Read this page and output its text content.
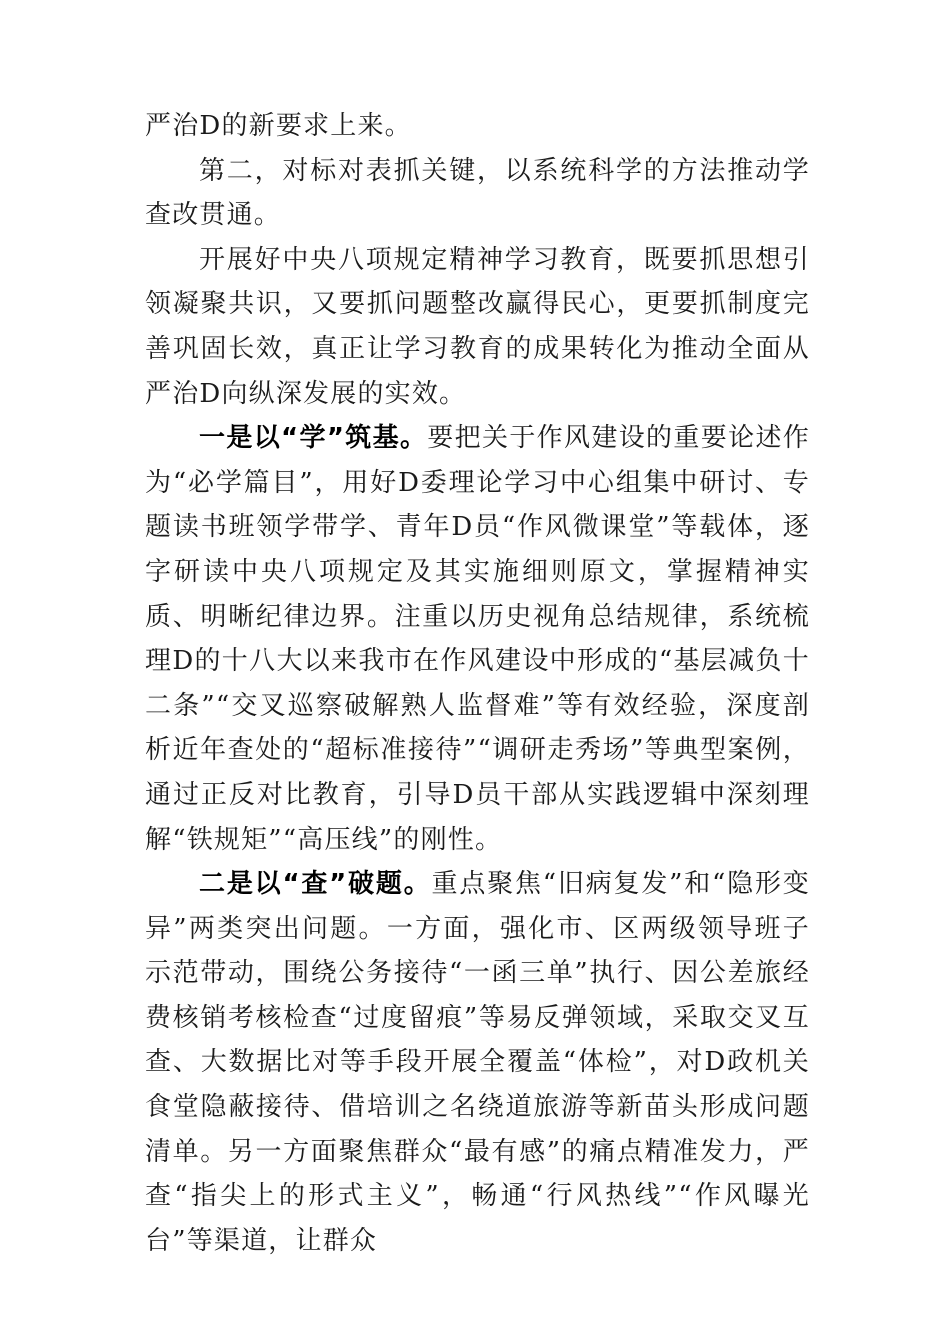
严治D的新要求上来。

第二，对标对表抓关键，以系统科学的方法推动学查改贯通。

开展好中央八项规定精神学习教育，既要抓思想引领凝聚共识，又要抓问题整改赢得民心，更要抓制度完善巩固长效，真正让学习教育的成果转化为推动全面从严治D向纵深发展的实效。

一是以“学”筑基。要把关于作风建设的重要论述作为“必学篇目”，用好D委理论学习中心组集中研讨、专题读书班领学带学、青年D员“作风微课堂”等载体，逐字研读中央八项规定及其实施细则原文，掌握精神实质、明晰纪律边界。注重以历史视角总结规律，系统梳理D的十八大以来我市在作风建设中形成的“基层减负十二条”“交叉巡察破解熟人监督难”等有效经验，深度剖析近年查处的“超标准接待”“调研走秀场”等典型案例，通过正反对比教育，引导D员干部从实践逻辑中深刻理解“铁规矩”“高压线”的刚性。

二是以“查”破题。重点聚焦“旧病复发”和“隐形变异”两类突出问题。一方面，强化市、区两级领导班子示范带动，围绕公务接待“一函三单”执行、因公差旅经费核销考核检查“过度留痕”等易反弹领域，采取交叉互查、大数据比对等手段开展全覆盖“体检”，对D政机关食堂隐蔽接待、借培训之名绕道旅游等新苗头形成问题清单。另一方面聚焦群众“最有感”的痛点精准发力，严查“指尖上的形式主义”，畅通“行风热线”“作风曝光台”等渠道，让群众
